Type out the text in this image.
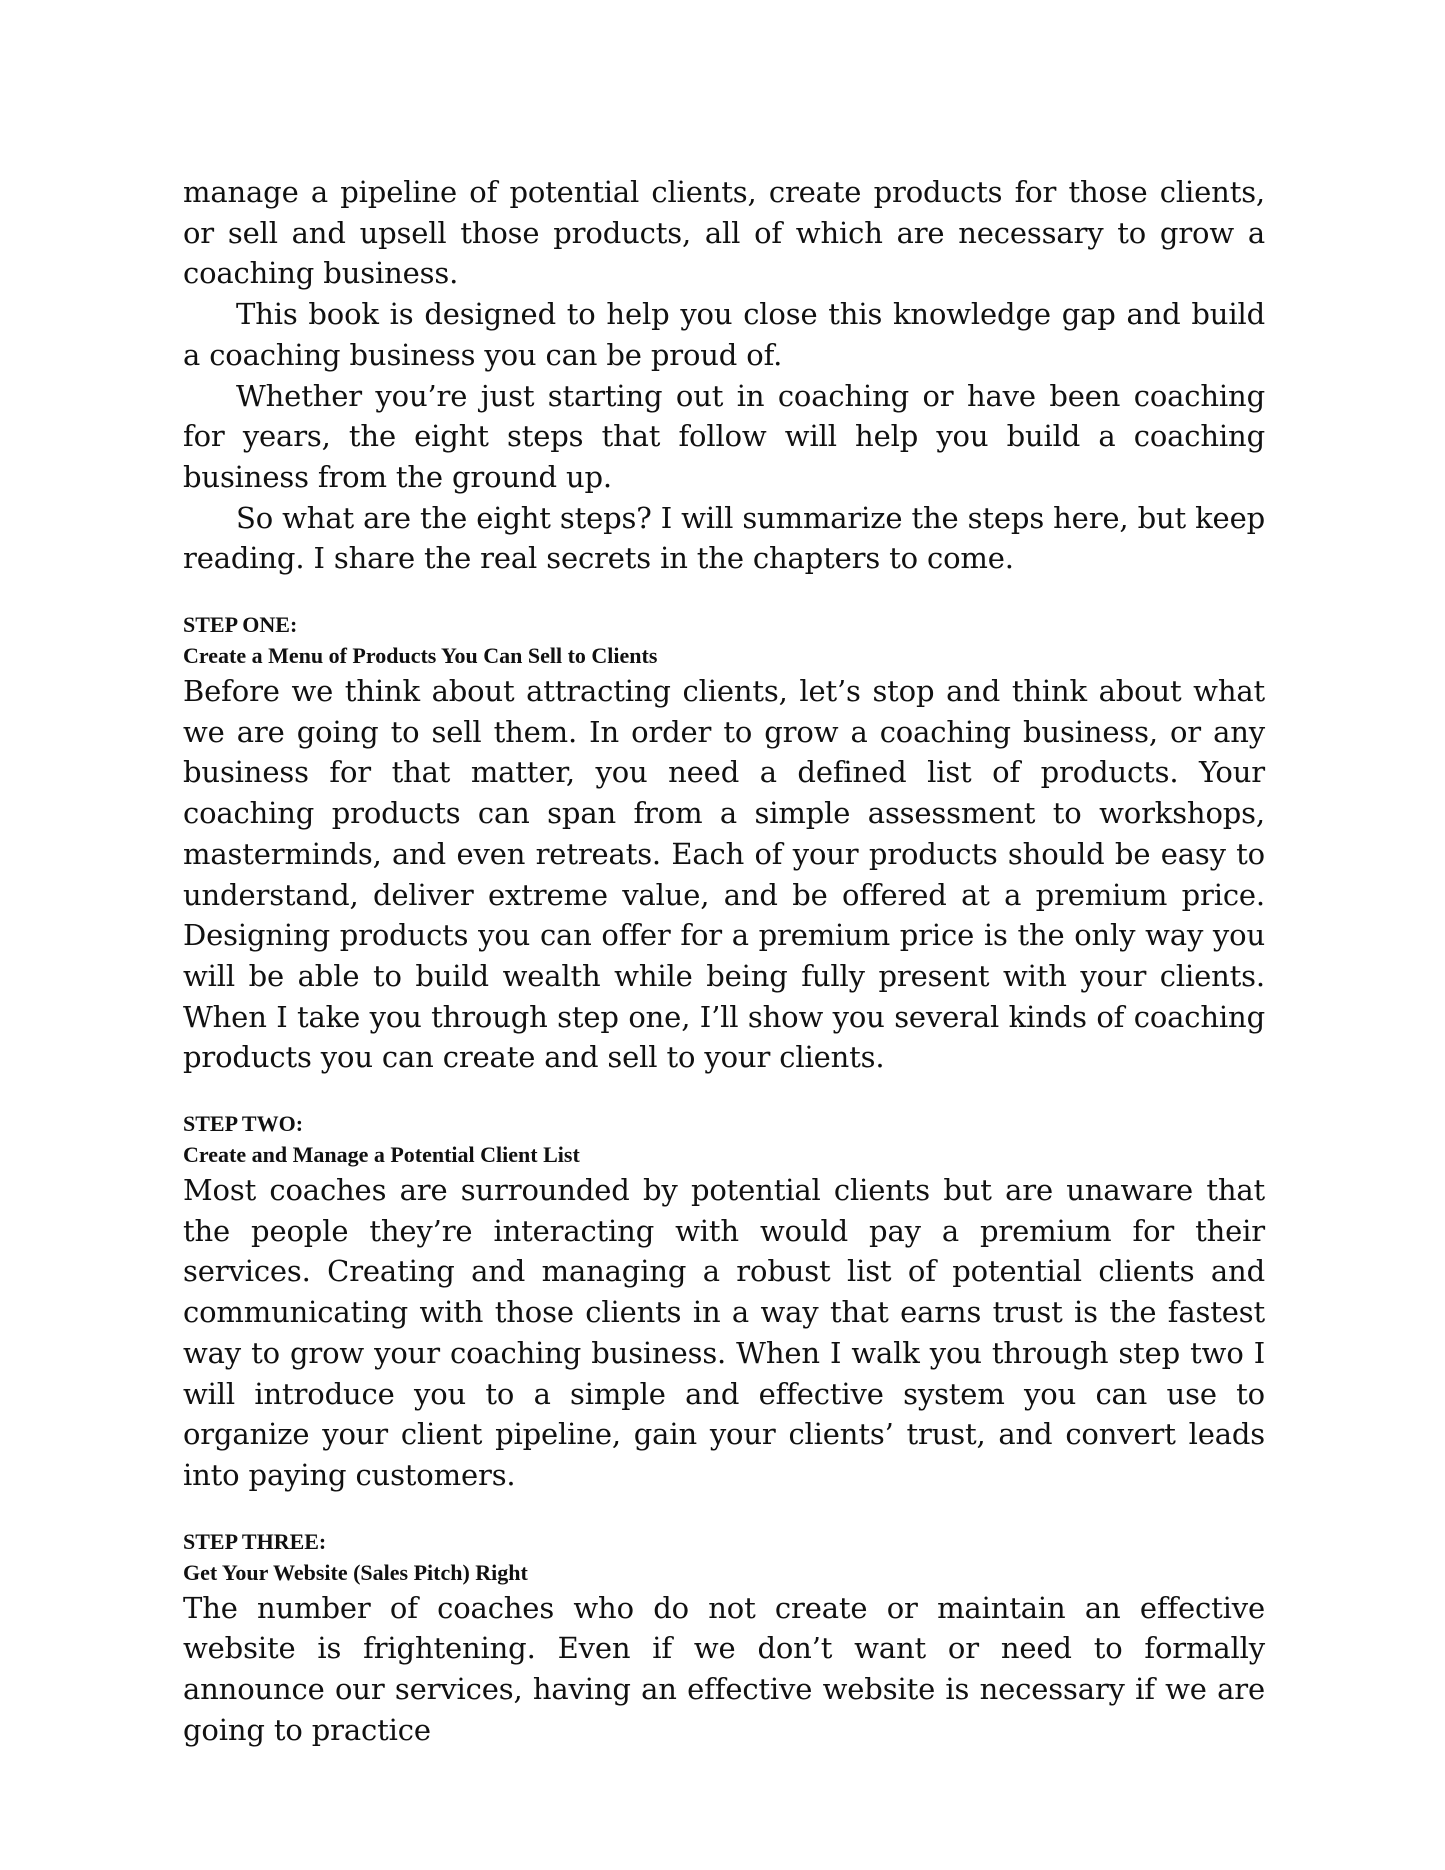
manage a pipeline of potential clients, create products for those clients, or sell and upsell those products, all of which are necessary to grow a coaching business.

This book is designed to help you close this knowledge gap and build a coaching business you can be proud of.

Whether you’re just starting out in coaching or have been coaching for years, the eight steps that follow will help you build a coaching business from the ground up.

So what are the eight steps? I will summarize the steps here, but keep reading. I share the real secrets in the chapters to come.

STEP ONE:

Create a Menu of Products You Can Sell to Clients

Before we think about attracting clients, let’s stop and think about what we are going to sell them. In order to grow a coaching business, or any business for that matter, you need a defined list of products. Your coaching products can span from a simple assessment to workshops, masterminds, and even retreats. Each of your products should be easy to understand, deliver extreme value, and be offered at a premium price. Designing products you can offer for a premium price is the only way you will be able to build wealth while being fully present with your clients. When I take you through step one, I’ll show you several kinds of coaching products you can create and sell to your clients.

STEP TWO:

Create and Manage a Potential Client List

Most coaches are surrounded by potential clients but are unaware that the people they’re interacting with would pay a premium for their services. Creating and managing a robust list of potential clients and communicating with those clients in a way that earns trust is the fastest way to grow your coaching business. When I walk you through step two I will introduce you to a simple and effective system you can use to organize your client pipeline, gain your clients’ trust, and convert leads into paying customers.

STEP THREE:

Get Your Website (Sales Pitch) Right

The number of coaches who do not create or maintain an effective website is frightening. Even if we don’t want or need to formally announce our services, having an effective website is necessary if we are going to practice
